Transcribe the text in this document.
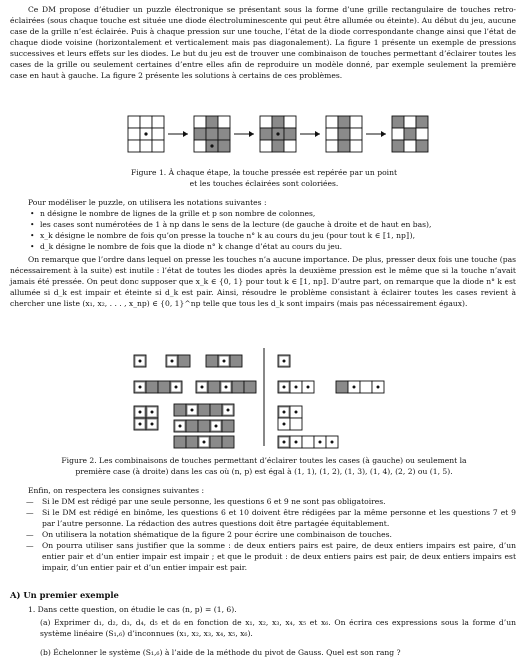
Ce DM propose d’étudier un puzzle électronique se présentant sous la forme d’une grille rectangulaire de touches retro-éclairées (sous chaque touche est située une diode électroluminescente qui peut être allumée ou éteinte). Au début du jeu, aucune case de la grille n’est éclairée. Puis à chaque pression sur une touche, l’état de la diode correspondante change ainsi que l’état de chaque diode voisine (horizontalement et verticalement mais pas diagonalement). La figure 1 présente un exemple de pressions successives et leurs effets sur les diodes. Le but du jeu est de trouver une combinaison de touches permettant d’éclairer toutes les cases de la grille ou seulement certaines d’entre elles afin de reproduire un modèle donné, par exemple seulement la première case en haut à gauche. La figure 2 présente les solutions à certains de ces problèmes.

Figure 1. À chaque étape, la touche pressée est repérée par un point

et les touches éclairées sont coloriées.

Pour modéliser le puzzle, on utilisera les notations suivantes :

• n désigne le nombre de lignes de la grille et p son nombre de colonnes,
• les cases sont numérotées de 1 à np dans le sens de la lecture (de gauche à droite et de haut en bas),
• x_k désigne le nombre de fois qu’on presse la touche n° k au cours du jeu (pour tout k ∈ ⟦1, np⟧),
• d_k désigne le nombre de fois que la diode n° k change d’état au cours du jeu.

On remarque que l’ordre dans lequel on presse les touches n’a aucune importance. De plus, presser deux fois une touche (pas nécessairement à la suite) est inutile : l’état de toutes les diodes après la deuxième pression est le même que si la touche n’avait jamais été pressée. On peut donc supposer que x_k ∈ {0, 1} pour tout k ∈ ⟦1, np⟧. D’autre part, on remarque que la diode n° k est allumée si d_k est impair et éteinte si d_k est pair. Ainsi, résoudre le problème consistant à éclairer toutes les cases revient à chercher une liste (x₁, x₂, . . . , x_np) ∈ {0, 1}^np telle que tous les d_k sont impairs (mais pas nécessairement égaux).

Figure 2. Les combinaisons de touches permettant d’éclairer toutes les cases (à gauche) ou seulement la

première case (à droite) dans les cas où (n, p) est égal à (1, 1), (1, 2), (1, 3), (1, 4), (2, 2) ou (1, 5).

Enfin, on respectera les consignes suivantes :

— Si le DM est rédigé par une seule personne, les questions 6 et 9 ne sont pas obligatoires.
— Si le DM est rédigé en binôme, les questions 6 et 10 doivent être rédigées par la même personne et les questions 7 et 9 par l’autre personne. La rédaction des autres questions doit être partagée équitablement.
— On utilisera la notation shématique de la figure 2 pour écrire une combinaison de touches.
— On pourra utiliser sans justifier que la somme : de deux entiers pairs est paire, de deux entiers impairs est paire, d’un entier pair et d’un entier impair est impair ; et que le produit : de deux entiers pairs est pair, de deux entiers impairs est impair, d’un entier pair et d’un entier impair est pair.

A) Un premier exemple

1. Dans cette question, on étudie le cas (n, p) = (1, 6).

(a) Exprimer d₁, d₂, d₃, d₄, d₅ et d₆ en fonction de x₁, x₂, x₃, x₄, x₅ et x₆. On écrira ces expressions sous la forme d’un système linéaire (S₁,₆) d’inconnues (x₁, x₂, x₃, x₄, x₅, x₆).

(b) Échelonner le système (S₁,₆) à l’aide de la méthode du pivot de Gauss. Quel est son rang ?
